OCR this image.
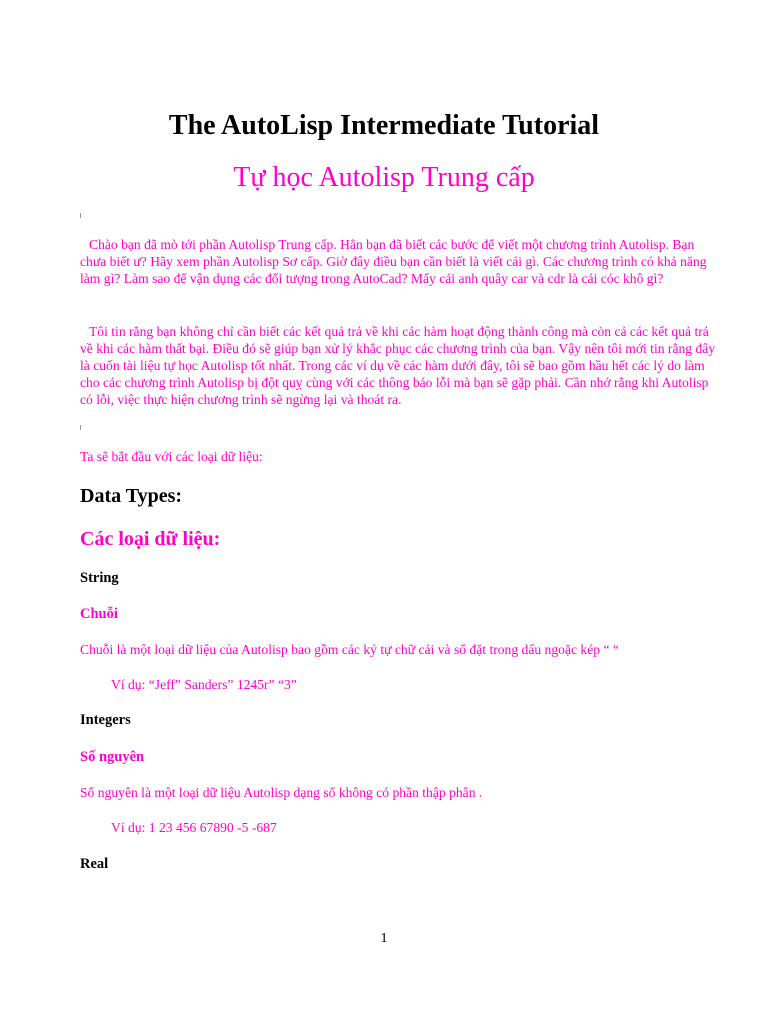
The AutoLisp Intermediate Tutorial
Tự học Autolisp Trung cấp

Chào bạn đã mò tới phần Autolisp Trung cấp. Hẳn bạn đã biết các bước để viết một chương trình Autolisp. Bạn chưa biết ư? Hãy xem phần Autolisp Sơ cấp. Giờ đây điều bạn cần biết là viết cái gì. Các chương trình có khả năng làm gì? Làm sao để vận dụng các đối tượng trong AutoCad? Mấy cái anh quây car và cdr là cái cóc khô gì?

Tôi tin rằng bạn không chỉ cần biết các kết quả trả về khi các hàm hoạt động thành công mà còn cả các kết quả trả về khi các hàm thất bại. Điều đó sẽ giúp bạn xử lý khắc phục các chương trình của bạn. Vậy nên tôi mới tin rằng đây là cuốn tài liệu tự học Autolisp tốt nhất. Trong các ví dụ về các hàm dưới đây, tôi sẽ bao gồm hầu hết các lý do làm cho các chương trình Autolisp bị đột quỵ cùng với các thông báo lỗi mà bạn sẽ gặp phải. Cần nhớ rằng khi Autolisp có lỗi, việc thực hiện chương trình sẽ ngừng lại và thoát ra.

Ta sẽ bắt đầu với các loại dữ liệu:

Data Types:
Các loại dữ liệu:
String
Chuỗi

Chuỗi là một loại dữ liệu của Autolisp bao gồm các ký tự chữ cái và số đặt trong dấu ngoặc kép “ “

Ví dụ: “Jeff” Sanders” 1245r” “3”

Integers
Số nguyên

Số nguyên là một loại dữ liệu Autolisp dạng số không có phần thập phân .

Ví dụ: 1 23 456 67890 -5 -687

Real

1
